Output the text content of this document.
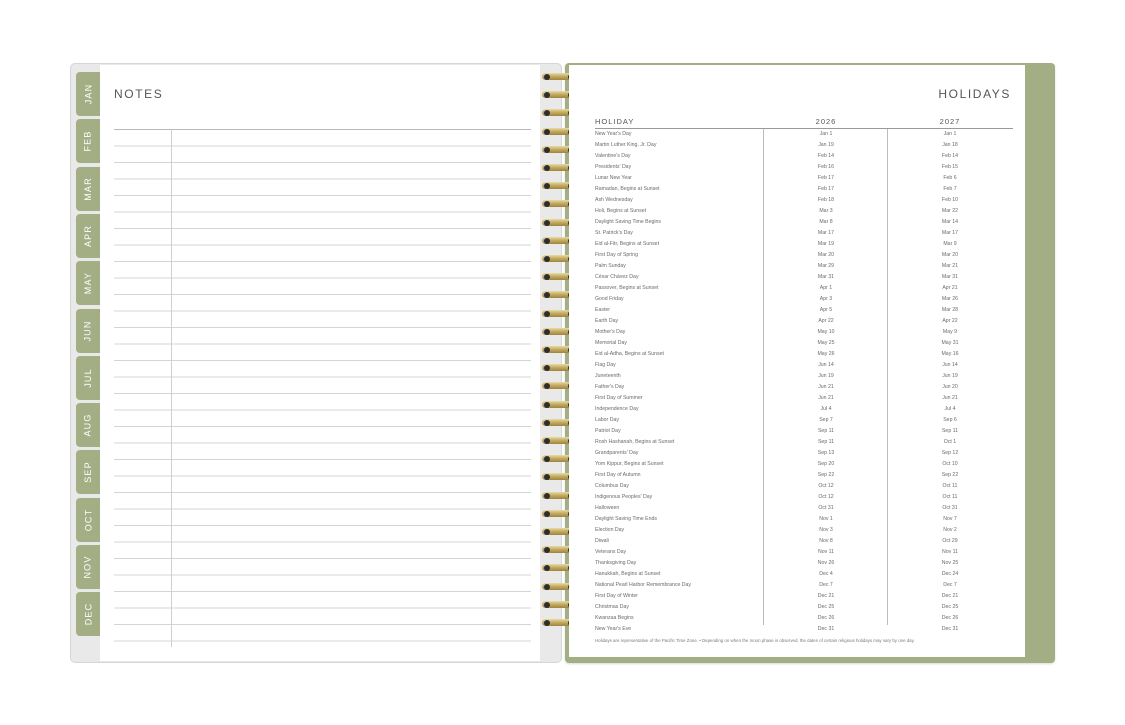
JAN
FEB
MAR
APR
MAY
JUN
JUL
AUG
SEP
OCT
NOV
DEC
NOTES	HOLIDAYS
HOLIDAY	2026	2027
New Year's Day	Jan 1	Jan 1
Martin Luther King, Jr. Day	Jan 19	Jan 18
Valentine's Day	Feb 14	Feb 14
Presidents' Day	Feb 16	Feb 15
Lunar New Year	Feb 17	Feb 6
Ramadan, Begins at Sunset	Feb 17	Feb 7
Ash Wednesday	Feb 18	Feb 10
Holi, Begins at Sunset	Mar 3	Mar 22
Daylight Saving Time Begins	Mar 8	Mar 14
St. Patrick's Day	Mar 17	Mar 17
Eid al-Fitr, Begins at Sunset	Mar 19	Mar 9
First Day of Spring	Mar 20	Mar 20
Palm Sunday	Mar 29	Mar 21
César Chávez Day	Mar 31	Mar 31
Passover, Begins at Sunset	Apr 1	Apr 21
Good Friday	Apr 3	Mar 26
Easter	Apr 5	Mar 28
Earth Day	Apr 22	Apr 22
Mother's Day	May 10	May 9
Memorial Day	May 25	May 31
Eid al-Adha, Begins at Sunset	May 26	May 16
Flag Day	Jun 14	Jun 14
Juneteenth	Jun 19	Jun 19
Father's Day	Jun 21	Jun 20
First Day of Summer	Jun 21	Jun 21
Independence Day	Jul 4	Jul 4
Labor Day	Sep 7	Sep 6
Patriot Day	Sep 11	Sep 11
Rosh Hashanah, Begins at Sunset	Sep 11	Oct 1
Grandparents' Day	Sep 13	Sep 12
Yom Kippur, Begins at Sunset	Sep 20	Oct 10
First Day of Autumn	Sep 22	Sep 22
Columbus Day	Oct 12	Oct 11
Indigenous Peoples' Day	Oct 12	Oct 11
Halloween	Oct 31	Oct 31
Daylight Saving Time Ends	Nov 1	Nov 7
Election Day	Nov 3	Nov 2
Diwali	Nov 8	Oct 29
Veterans Day	Nov 11	Nov 11
Thanksgiving Day	Nov 26	Nov 25
Hanukkah, Begins at Sunset	Dec 4	Dec 24
National Pearl Harbor Remembrance Day	Dec 7	Dec 7
First Day of Winter	Dec 21	Dec 21
Christmas Day	Dec 25	Dec 25
Kwanzaa Begins	Dec 26	Dec 26
New Year's Eve	Dec 31	Dec 31
Holidays are representative of the Pacific Time Zone. • Depending on when the moon phase is observed, the dates of certain religious holidays may vary by one day.
